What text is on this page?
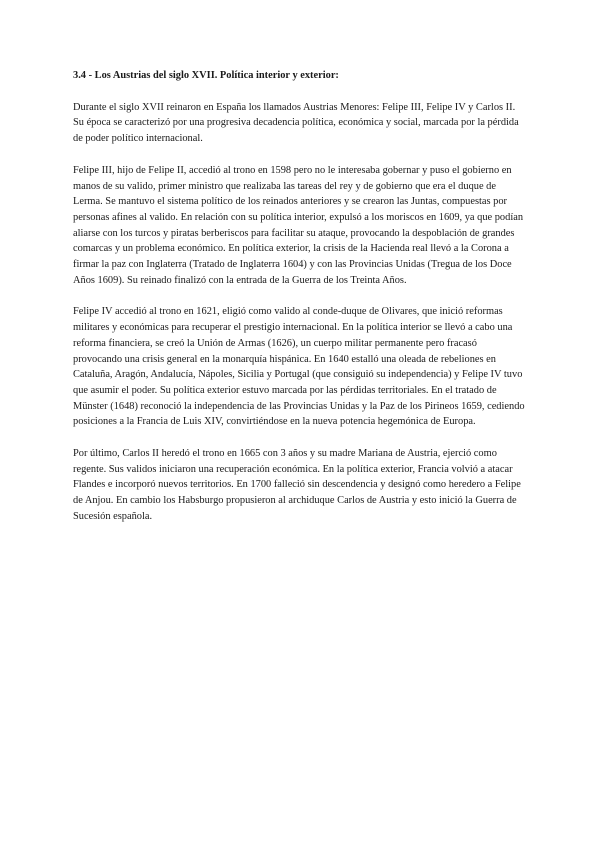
3.4 - Los Austrias del siglo XVII. Política interior y exterior:

Durante el siglo XVII reinaron en España los llamados Austrias Menores: Felipe III, Felipe IV y Carlos II. Su época se caracterizó por una progresiva decadencia política, económica y social, marcada por la pérdida de poder político internacional.

Felipe III, hijo de Felipe II, accedió al trono en 1598 pero no le interesaba gobernar y puso el gobierno en manos de su valido, primer ministro que realizaba las tareas del rey y de gobierno que era el duque de Lerma. Se mantuvo el sistema político de los reinados anteriores y se crearon las Juntas, compuestas por personas afines al valido. En relación con su política interior, expulsó a los moriscos en 1609, ya que podían aliarse con los turcos y piratas berberiscos para facilitar su ataque, provocando la despoblación de grandes comarcas y un problema económico. En política exterior, la crisis de la Hacienda real llevó a la Corona a firmar la paz con Inglaterra (Tratado de Inglaterra 1604) y con las Provincias Unidas (Tregua de los Doce Años 1609). Su reinado finalizó con la entrada de la Guerra de los Treinta Años.

Felipe IV accedió al trono en 1621, eligió como valido al conde-duque de Olivares, que inició reformas militares y económicas para recuperar el prestigio internacional. En la política interior se llevó a cabo una reforma financiera, se creó la Unión de Armas (1626), un cuerpo militar permanente pero fracasó provocando una crisis general en la monarquía hispánica. En 1640 estalló una oleada de rebeliones en Cataluña, Aragón, Andalucía, Nápoles, Sicilia y Portugal (que consiguió su independencia) y Felipe IV tuvo que asumir el poder. Su política exterior estuvo marcada por las pérdidas territoriales. En el tratado de Münster (1648) reconoció la independencia de las Provincias Unidas y la Paz de los Pirineos 1659, cediendo posiciones a la Francia de Luis XIV, convirtiéndose en la nueva potencia hegemónica de Europa.

Por último, Carlos II heredó el trono en 1665 con 3 años y su madre Mariana de Austria, ejerció como regente. Sus validos iniciaron una recuperación económica. En la política exterior, Francia volvió a atacar Flandes e incorporó nuevos territorios. En 1700 falleció sin descendencia y designó como heredero a Felipe de Anjou. En cambio los Habsburgo propusieron al archiduque Carlos de Austria y esto inició la Guerra de Sucesión española.
